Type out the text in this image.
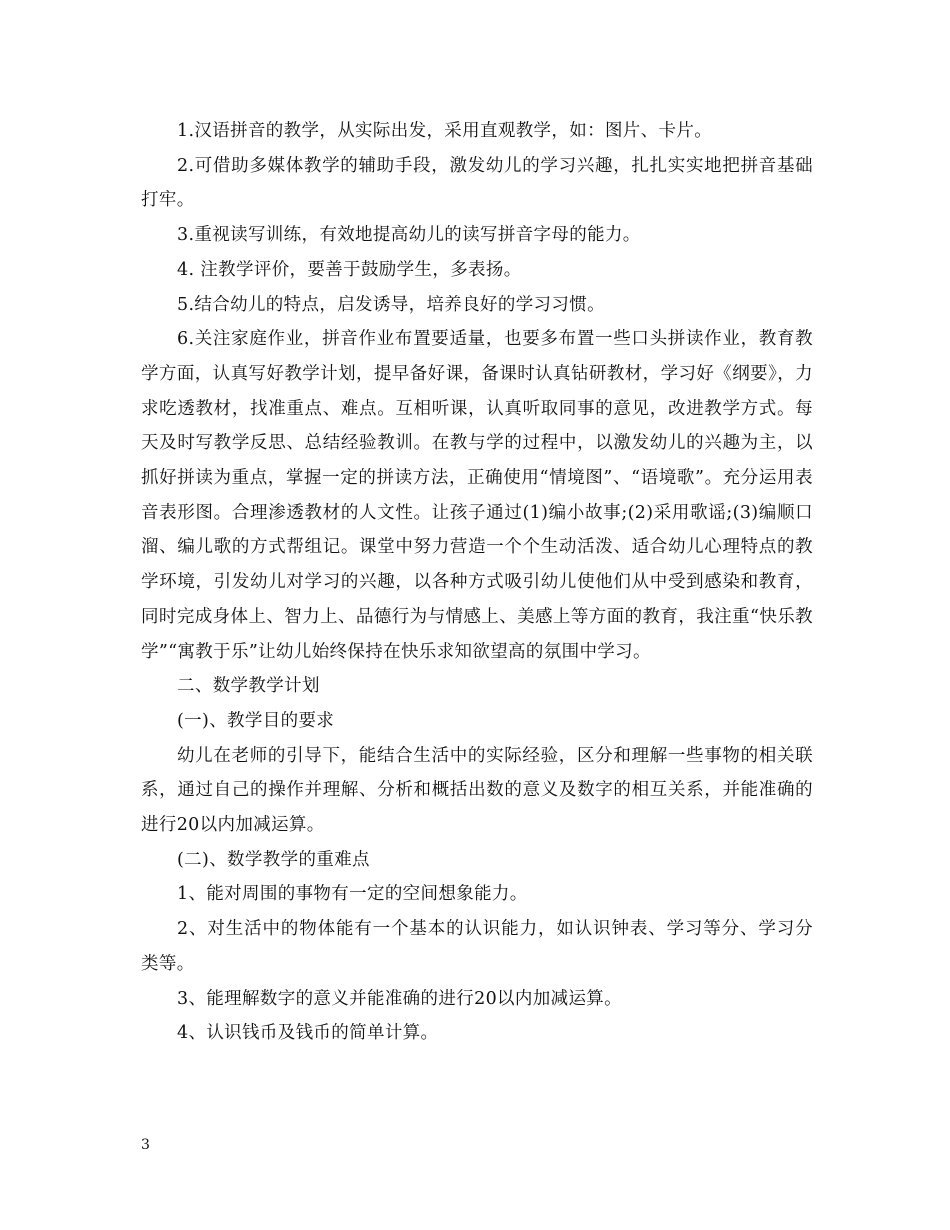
1.汉语拼音的教学，从实际出发，采用直观教学，如：图片、卡片。

2.可借助多媒体教学的辅助手段，激发幼儿的学习兴趣，扎扎实实地把拼音基础打牢。

3.重视读写训练，有效地提高幼儿的读写拼音字母的能力。

4. 注教学评价，要善于鼓励学生，多表扬。

5.结合幼儿的特点，启发诱导，培养良好的学习习惯。

6.关注家庭作业，拼音作业布置要适量，也要多布置一些口头拼读作业，教育教学方面，认真写好教学计划，提早备好课，备课时认真钻研教材，学习好《纲要》，力求吃透教材，找准重点、难点。互相听课，认真听取同事的意见，改进教学方式。每天及时写教学反思、总结经验教训。在教与学的过程中，以激发幼儿的兴趣为主，以抓好拼读为重点，掌握一定的拼读方法，正确使用“情境图”、“语境歌”。充分运用表音表形图。合理渗透教材的人文性。让孩子通过(1)编小故事;(2)采用歌谣;(3)编顺口溜、编儿歌的方式帮组记。课堂中努力营造一个个生动活泼、适合幼儿心理特点的教学环境，引发幼儿对学习的兴趣，以各种方式吸引幼儿使他们从中受到感染和教育，同时完成身体上、智力上、品德行为与情感上、美感上等方面的教育，我注重“快乐教学”“寓教于乐”让幼儿始终保持在快乐求知欲望高的氛围中学习。

二、数学教学计划

(一)、教学目的要求

幼儿在老师的引导下，能结合生活中的实际经验，区分和理解一些事物的相关联系，通过自己的操作并理解、分析和概括出数的意义及数字的相互关系，并能准确的进行20以内加减运算。

(二)、数学教学的重难点

1、能对周围的事物有一定的空间想象能力。

2、对生活中的物体能有一个基本的认识能力，如认识钟表、学习等分、学习分类等。

3、能理解数字的意义并能准确的进行20以内加减运算。

4、认识钱币及钱币的简单计算。

3
